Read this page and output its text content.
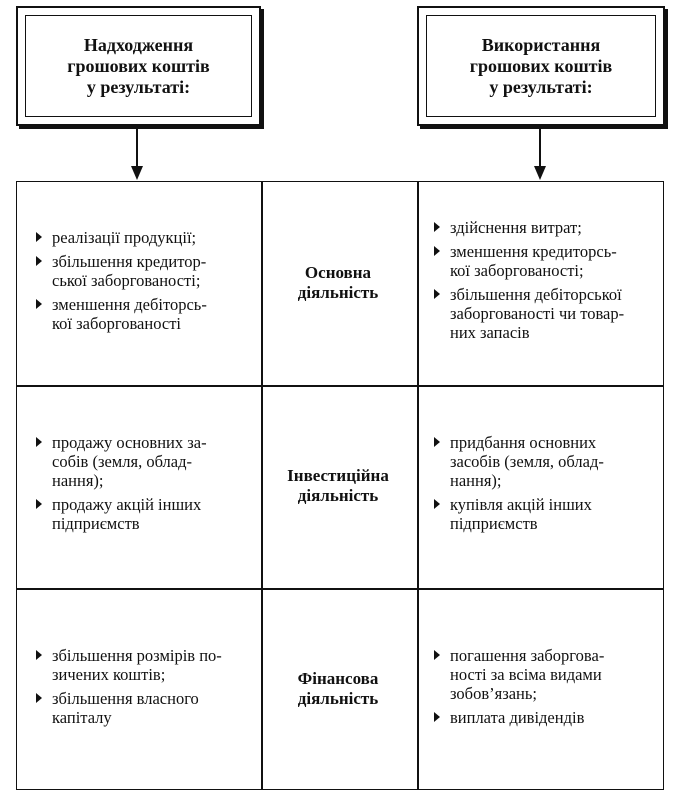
Надходження
грошових коштів
у результаті:
Використання
грошових коштів
у результаті:
реалізації продукції;
збільшення кредитор-
ської заборгованості;
зменшення дебіторсь-
кої заборгованості
Основна
діяльність
здійснення витрат;
зменшення кредиторсь-
кої заборгованості;
збільшення дебіторської
заборгованості чи товар-
них запасів
продажу основних за-
собів (земля, облад-
нання);
продажу акцій інших
підприємств
Інвестиційна
діяльність
придбання основних
засобів (земля, облад-
нання);
купівля акцій інших
підприємств
збільшення розмірів по-
зичених коштів;
збільшення власного
капіталу
Фінансова
діяльність
погашення заборгова-
ності за всіма видами
зобов’язань;
виплата дивідендів
